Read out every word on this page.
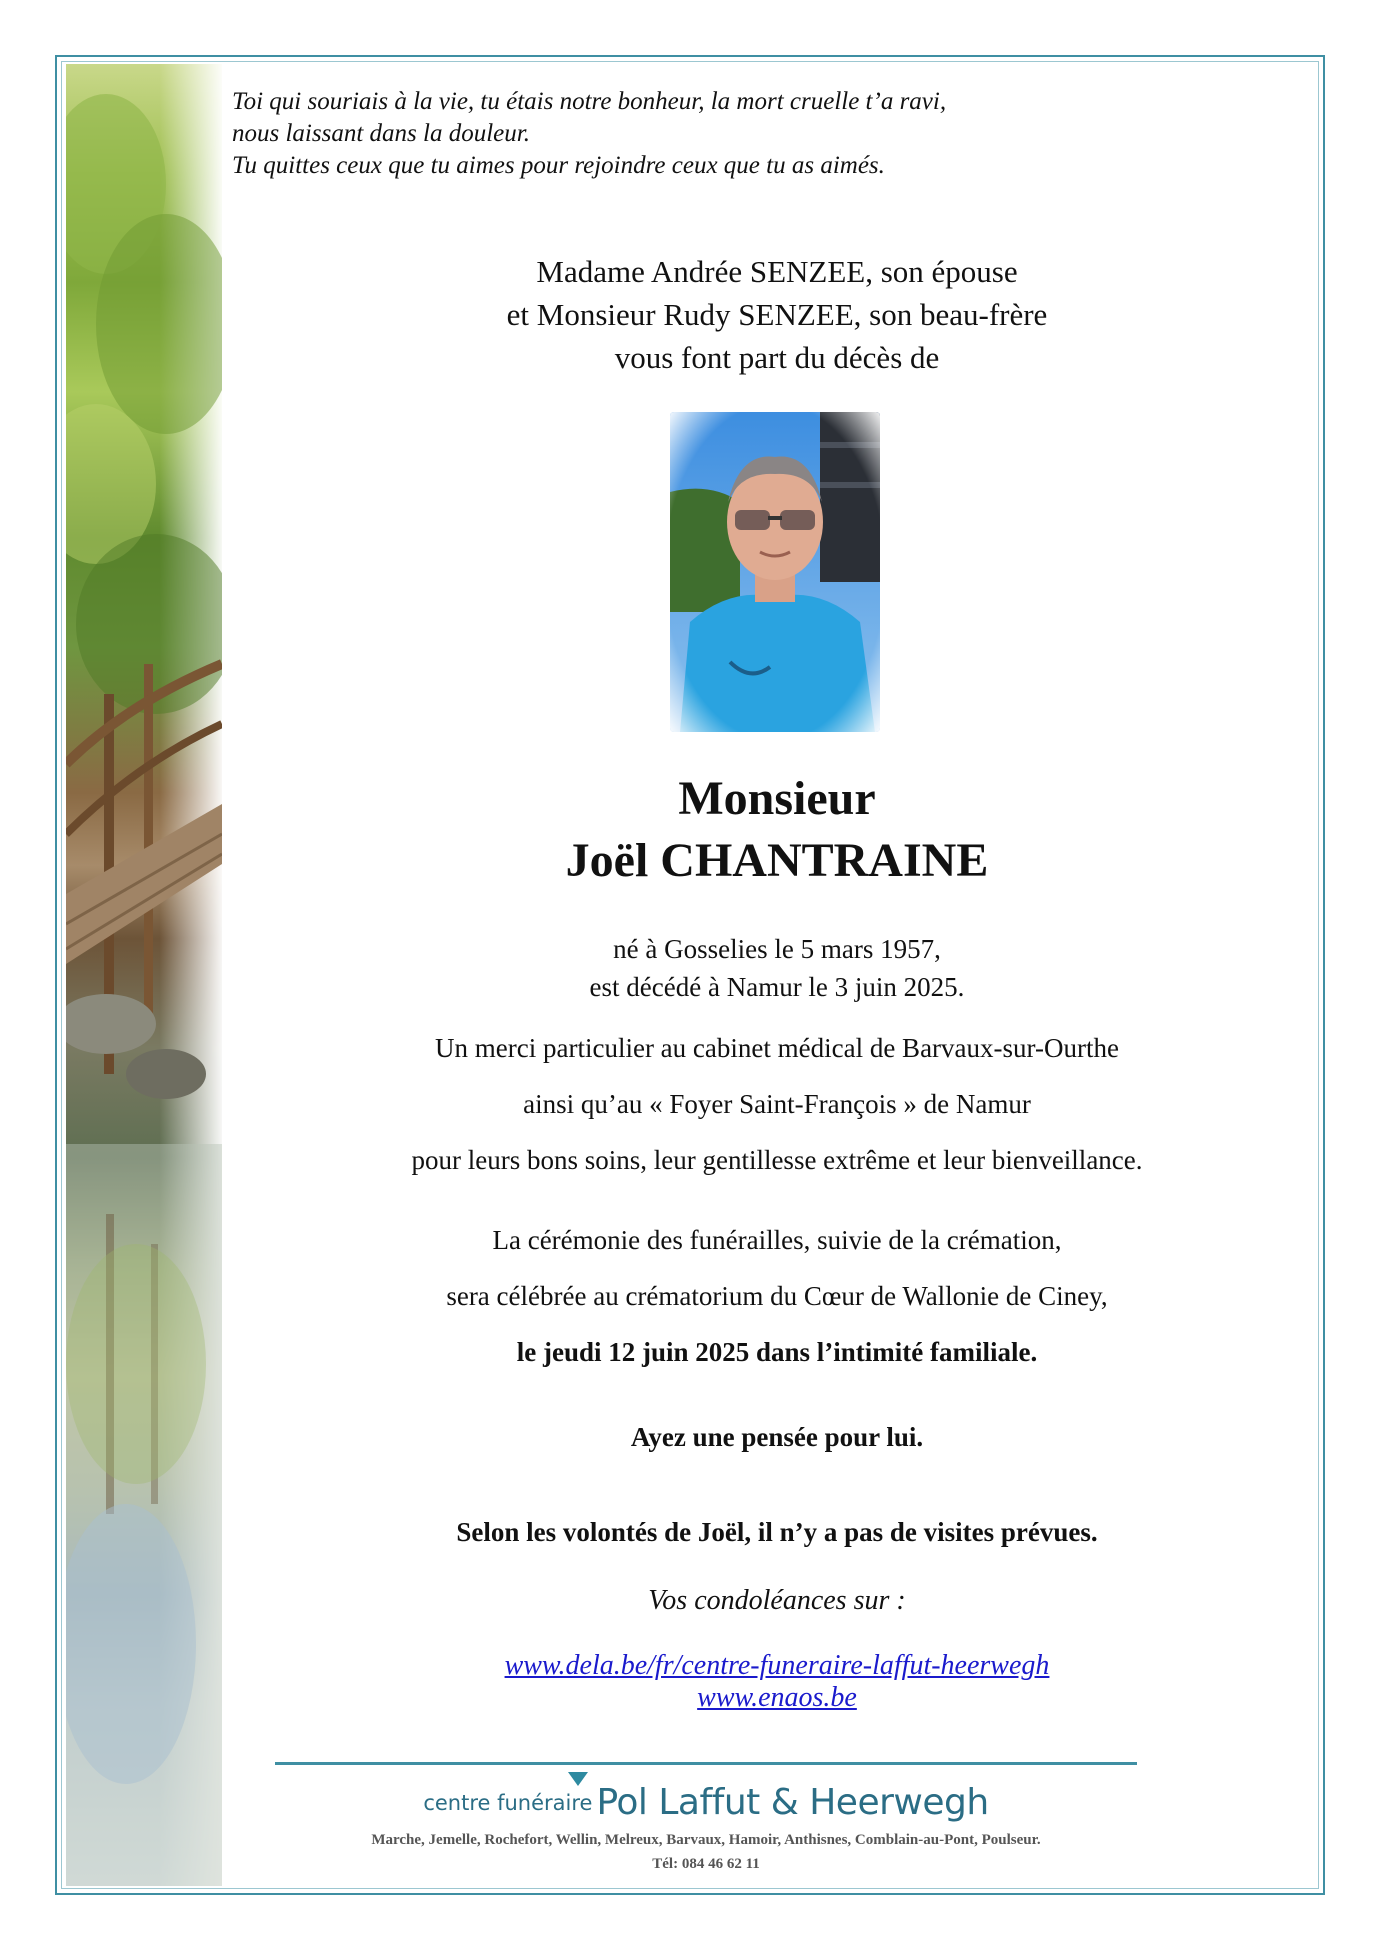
Toi qui souriais à la vie, tu étais notre bonheur, la mort cruelle t’a ravi,
nous laissant dans la douleur.
Tu quittes ceux que tu aimes pour rejoindre ceux que tu as aimés.
Madame Andrée SENZEE, son épouse
et Monsieur Rudy SENZEE, son beau-frère
vous font part du décès de
Monsieur
Joël CHANTRAINE
né à Gosselies le 5 mars 1957,
est décédé à Namur le 3 juin 2025.
Un merci particulier au cabinet médical de Barvaux-sur-Ourthe
ainsi qu’au « Foyer Saint-François » de Namur
pour leurs bons soins, leur gentillesse extrême et leur bienveillance.
La cérémonie des funérailles, suivie de la crémation,
sera célébrée au crématorium du Cœur de Wallonie de Ciney,
le jeudi 12 juin 2025 dans l’intimité familiale.
Ayez une pensée pour lui.
Selon les volontés de Joël, il n’y a pas de visites prévues.
Vos condoléances sur :
www.dela.be/fr/centre-funeraire-laffut-heerwegh
www.enaos.be
centre funéraire Pol Laffut & Heerwegh
Marche, Jemelle, Rochefort, Wellin, Melreux, Barvaux, Hamoir, Anthisnes, Comblain-au-Pont, Poulseur.
Tél: 084 46 62 11
